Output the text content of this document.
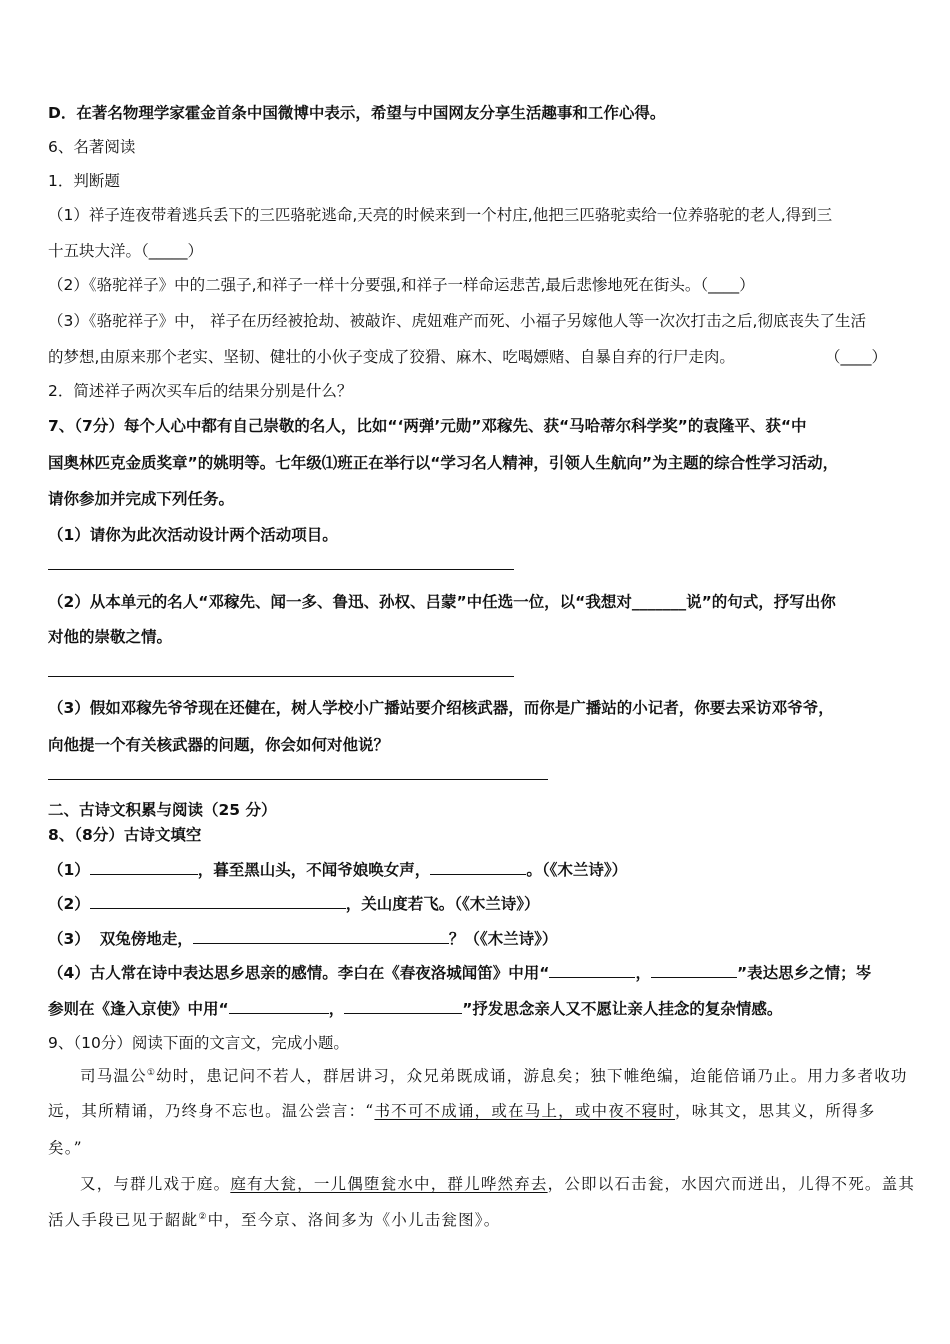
D．在著名物理学家霍金首条中国微博中表示，希望与中国网友分享生活趣事和工作心得。
6、名著阅读
1．判断题
（1）祥子连夜带着逃兵丢下的三匹骆驼逃命,天亮的时候来到一个村庄,他把三匹骆驼卖给一位养骆驼的老人,得到三
十五块大洋。（_____）
（2）《骆驼祥子》中的二强子,和祥子一样十分要强,和祥子一样命运悲苦,最后悲惨地死在街头。（____）
（3）《骆驼祥子》中， 祥子在历经被抢劫、被敲诈、虎妞难产而死、小福子另嫁他人等一次次打击之后,彻底丧失了生活
的梦想,由原来那个老实、坚韧、健壮的小伙子变成了狡猾、麻木、吃喝嫖赌、自暴自弃的行尸走肉。	（____）
2．简述祥子两次买车后的结果分别是什么？
7、（7分）每个人心中都有自己崇敬的名人，比如“‘两弹’元勋”邓稼先、获“马哈蒂尔科学奖”的袁隆平、获“中
国奥林匹克金质奖章”的姚明等。七年级⑴班正在举行以“学习名人精神，引领人生航向”为主题的综合性学习活动，
请你参加并完成下列任务。
（1）请你为此次活动设计两个活动项目。
（2）从本单元的名人“邓稼先、闻一多、鲁迅、孙权、吕蒙”中任选一位，以“我想对_______说”的句式，抒写出你
对他的崇敬之情。
（3）假如邓稼先爷爷现在还健在，树人学校小广播站要介绍核武器，而你是广播站的小记者，你要去采访邓爷爷，
向他提一个有关核武器的问题，你会如何对他说？
二、古诗文积累与阅读（25 分）
8、（8分）古诗文填空
（1）	，暮至黑山头，不闻爷娘唤女声，	。（《木兰诗》）
（2）	，关山度若飞。（《木兰诗》）
（3） 双兔傍地走，	？（《木兰诗》）
（4）古人常在诗中表达思乡思亲的感情。李白在《春夜洛城闻笛》中用“	，	”表达思乡之情；岑
参则在《逢入京使》中用“	，	”抒发思念亲人又不愿让亲人挂念的复杂情感。
9、（10分）阅读下面的文言文，完成小题。
司马温公①幼时，患记问不若人，群居讲习，众兄弟既成诵，游息矣；独下帷绝编，迨能倍诵乃止。用力多者收功
远，其所精诵，乃终身不忘也。温公尝言：“书不可不成诵，或在马上，或中夜不寝时，咏其文，思其义，所得多
矣。”
又，与群儿戏于庭。庭有大瓮，一儿偶堕瓮水中，群儿哗然弃去，公即以石击瓮，水因穴而迸出，儿得不死。盖其
活人手段已见于龆龀②中，至今京、洛间多为《小儿击瓮图》。
